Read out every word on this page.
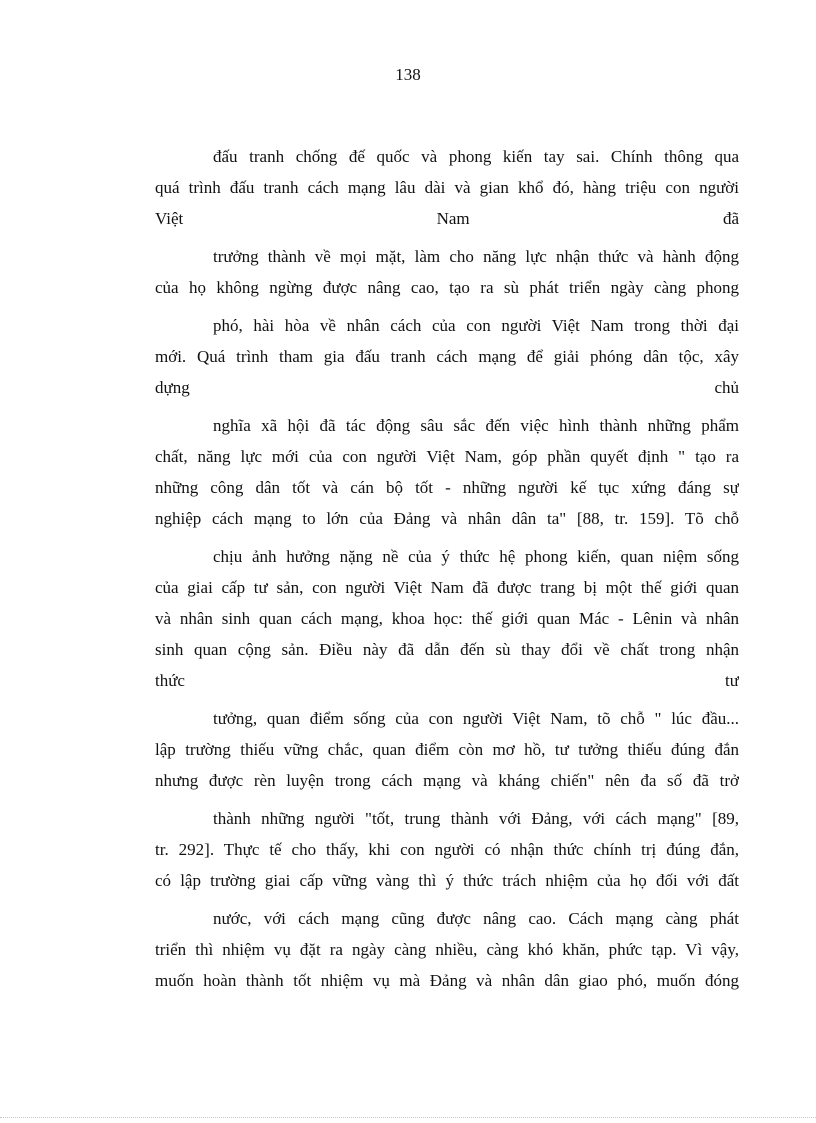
138
đấu tranh chống đế quốc và phong kiến tay sai. Chính thông qua
quá trình đấu tranh cách mạng lâu dài và gian khổ đó, hàng triệu con người
Việt Nam đã
trưởng thành về mọi mặt, làm cho năng lực nhận thức và hành động
của họ không ngừng được nâng cao, tạo ra sù phát triển ngày càng phong
phó, hài hòa về nhân cách của con người Việt Nam trong thời đại
mới. Quá trình tham gia đấu tranh cách mạng để giải phóng dân tộc, xây
dựng chủ
nghĩa xã hội đã tác động sâu sắc đến việc hình thành những phẩm
chất, năng lực mới của con người Việt Nam, góp phần quyết định " tạo ra
những công dân tốt và cán bộ tốt - những người kế tục xứng đáng sự
nghiệp cách mạng to lớn của Đảng và nhân dân ta" [88, tr. 159]. Tõ chỗ
chịu ảnh hưởng nặng nề của ý thức hệ phong kiến, quan niệm sống
của giai cấp tư sản, con người Việt Nam đã được trang bị một thế giới quan
và nhân sinh quan cách mạng, khoa học: thế giới quan Mác - Lênin và nhân
sinh quan cộng sản. Điều này đã dẫn đến sù thay đổi về chất trong nhận
thức tư
tưởng, quan điểm sống của con người Việt Nam, tõ chỗ " lúc đầu...
lập trường thiếu vững chắc, quan điểm còn mơ hồ, tư tưởng thiếu đúng đắn
nhưng được rèn luyện trong cách mạng và kháng chiến" nên đa số đã trở
thành những người "tốt, trung thành với Đảng, với cách mạng" [89,
tr. 292]. Thực tế cho thấy, khi con người có nhận thức chính trị đúng đắn,
có lập trường giai cấp vững vàng thì ý thức trách nhiệm của họ đối với đất
nước, với cách mạng cũng được nâng cao. Cách mạng càng phát
triển thì nhiệm vụ đặt ra ngày càng nhiều, càng khó khăn, phức tạp. Vì vậy,
muốn hoàn thành tốt nhiệm vụ mà Đảng và nhân dân giao phó, muốn đóng
